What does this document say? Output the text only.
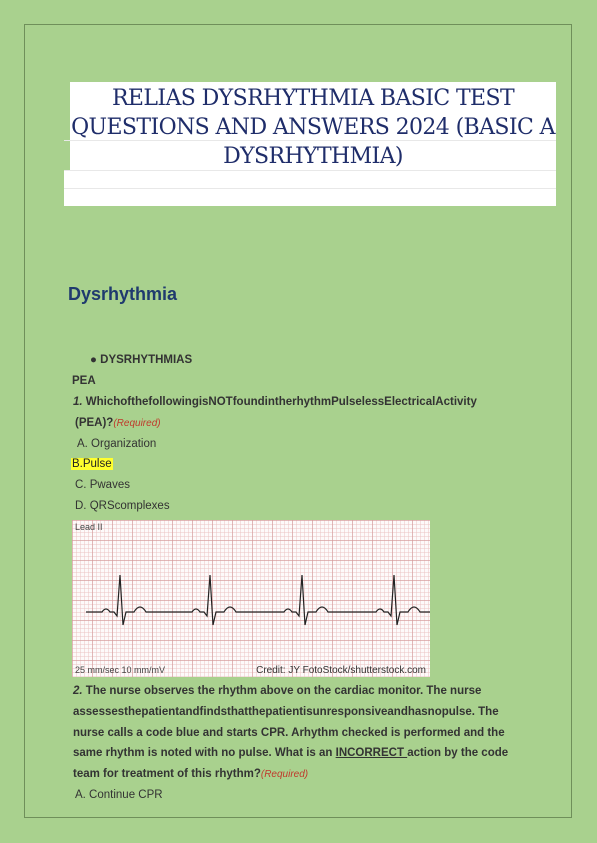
RELIAS DYSRHYTHMIA BASIC TEST
QUESTIONS AND ANSWERS 2024 (BASIC A
DYSRHYTHMIA)
Dysrhythmia
● DYSRHYTHMIAS
PEA
1. WhichofthefollowingisNOTfoundintherhythmPulselessElectricalActivity
(PEA)?(Required)
A. Organization
B.Pulse
C. Pwaves
D. QRScomplexes
Lead II
25 mm/sec 10 mm/mV	Credit: JY FotoStock/shutterstock.com
2. The nurse observes the rhythm above on the cardiac monitor. The nurse
assessesthepatientandfindsthatthepatientisunresponsiveandhasnopulse. The
nurse calls a code blue and starts CPR. Arhythm checked is performed and the
same rhythm is noted with no pulse. What is an INCORRECT action by the code
team for treatment of this rhythm?(Required)
A. Continue CPR
